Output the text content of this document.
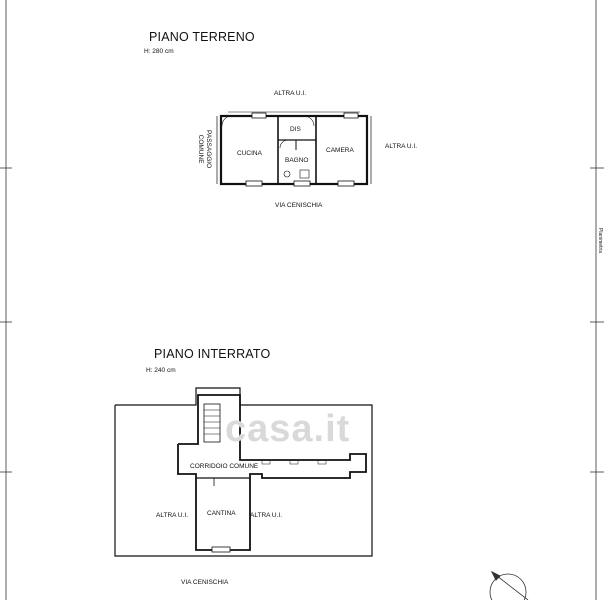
PIANO TERRENO
H: 280 cm
ALTRA U.I.
ALTRA U.I.
PASSAGGIO
COMUNE	CUCINA
DIS
BAGNO
CAMERA
VIA CENISCHIA
PIANO INTERRATO
H: 240 cm
CORRIDOIO COMUNE
ALTRA U.I.	CANTINA ALTRA U.I.
VIA CENISCHIA
Planimetria
casa.it
